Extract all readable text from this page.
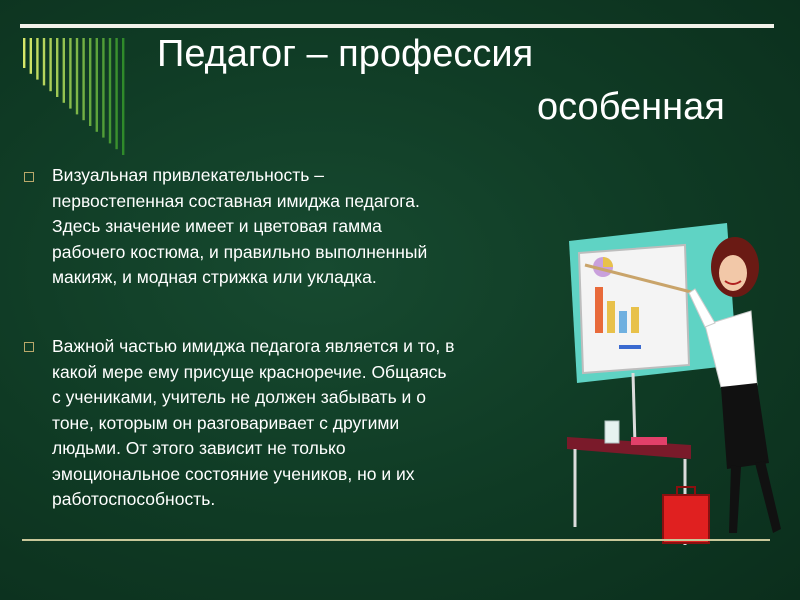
Педагог – профессия
особенная
Визуальная привлекательность –
первостепенная составная имиджа педагога.
Здесь значение имеет и цветовая гамма
рабочего костюма, и правильно выполненный
макияж, и модная стрижка или укладка.
Важной частью имиджа педагога является и то, в
какой мере ему присуще красноречие. Общаясь
с учениками, учитель не должен забывать и о
тоне, которым он разговаривает с другими
людьми. От этого зависит не только
эмоциональное состояние учеников, но и их
работоспособность.
